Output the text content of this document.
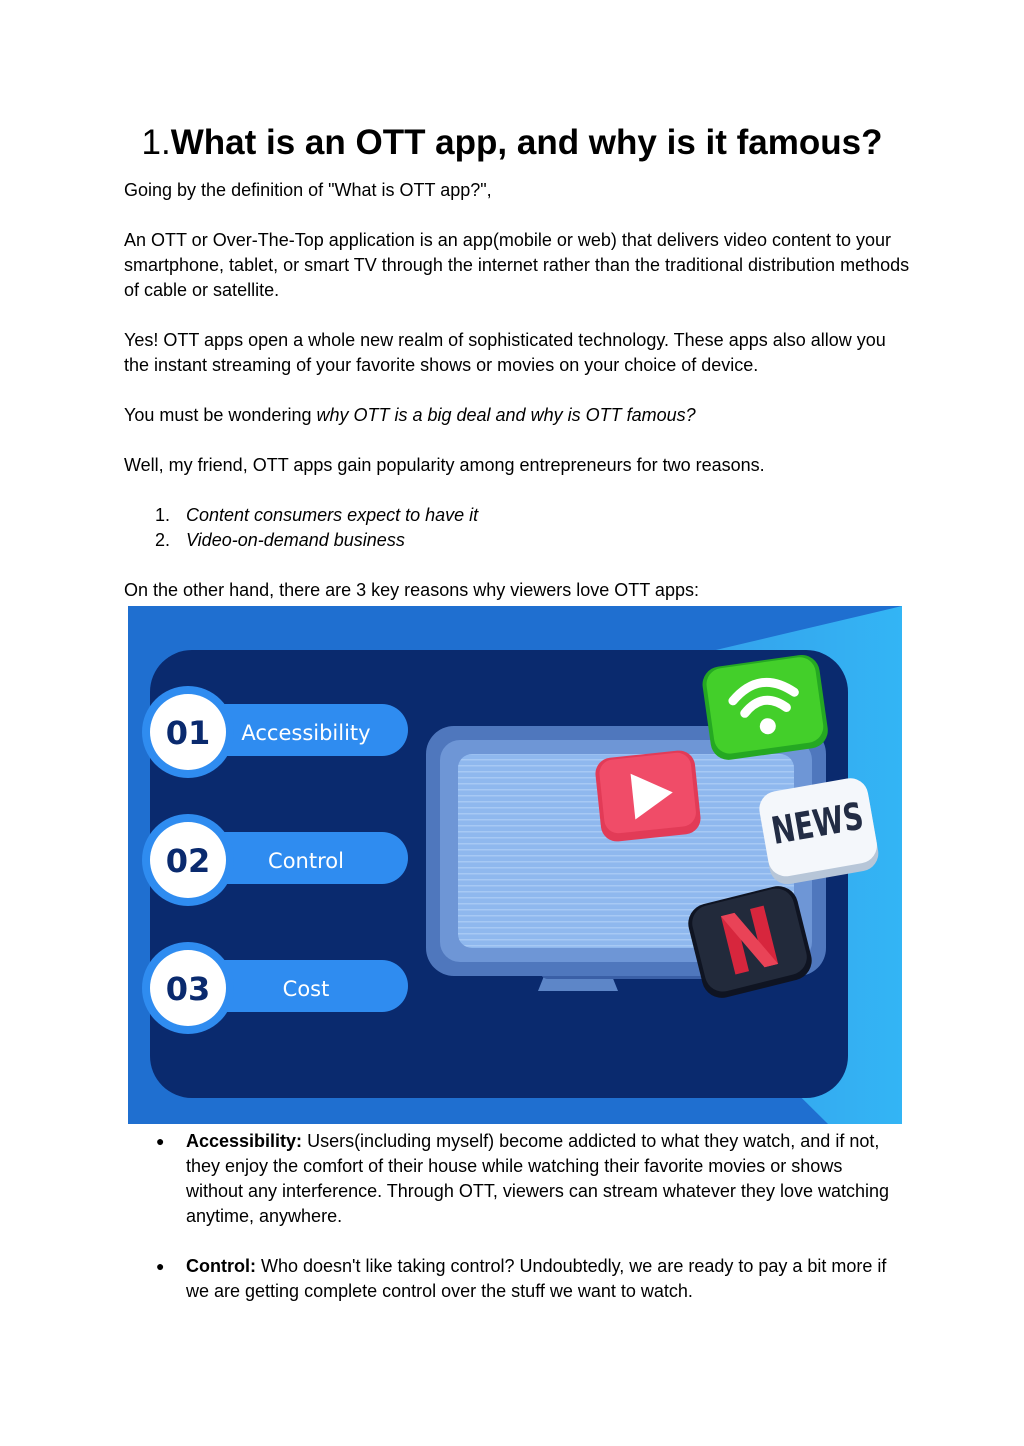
1.What is an OTT app, and why is it famous?

Going by the definition of "What is OTT app?",

An OTT or Over-The-Top application is an app(mobile or web) that delivers video content to your smartphone, tablet, or smart TV through the internet rather than the traditional distribution methods of cable or satellite.

Yes! OTT apps open a whole new realm of sophisticated technology. These apps also allow you the instant streaming of your favorite shows or movies on your choice of device.

You must be wondering why OTT is a big deal and why is OTT famous?

Well, my friend, OTT apps gain popularity among entrepreneurs for two reasons.

1. Content consumers expect to have it
2. Video-on-demand business

On the other hand, there are 3 key reasons why viewers love OTT apps:

01 Accessibility
02	Control
03	Cost
NEWS
● Accessibility: Users(including myself) become addicted to what they watch, and if not, they enjoy the comfort of their house while watching their favorite movies or shows without any interference. Through OTT, viewers can stream whatever they love watching anytime, anywhere.
● Control: Who doesn't like taking control? Undoubtedly, we are ready to pay a bit more if we are getting complete control over the stuff we want to watch.
